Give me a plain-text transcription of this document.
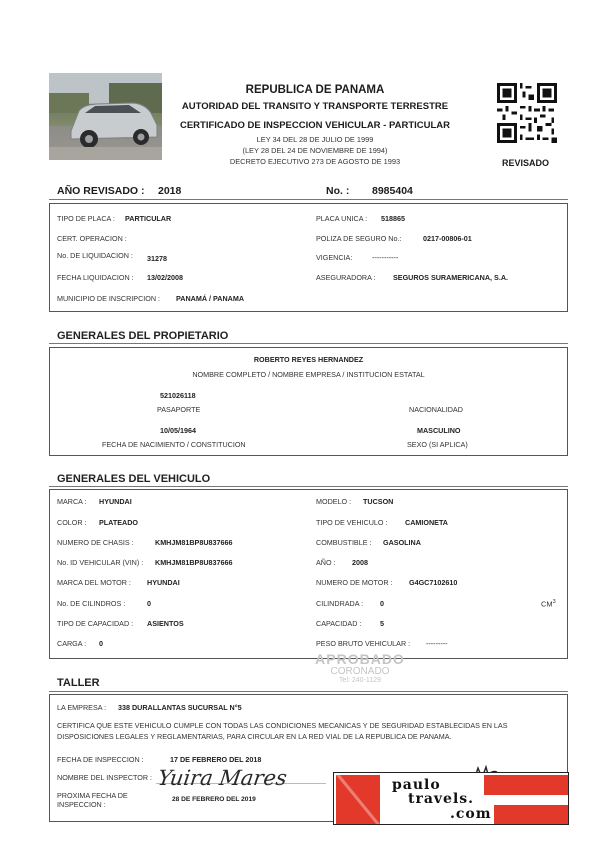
REPUBLICA DE PANAMA
AUTORIDAD DEL TRANSITO Y TRANSPORTE TERRESTRE
CERTIFICADO DE INSPECCION VEHICULAR - PARTICULAR
LEY 34 DEL 28 DE JULIO DE 1999
(LEY 28 DEL 24 DE NOVIEMBRE DE 1994)
DECRETO EJECUTIVO 273 DE AGOSTO DE 1993	REVISADO
AÑO REVISADO : 2018	No. : 8985404
TIPO DE PLACA : PARTICULAR	PLACA UNICA : 518865
CERT. OPERACION :	POLIZA DE SEGURO No.:	0217-00806-01
No. DE LIQUIDACION : 31278	VIGENCIA:	-----------
FECHA LIQUIDACION : 13/02/2008	ASEGURADORA : SEGUROS SURAMERICANA, S.A.
MUNICIPIO DE INSCRIPCION : PANAMÁ / PANAMA
GENERALES DEL PROPIETARIO
ROBERTO REYES HERNANDEZ
NOMBRE COMPLETO / NOMBRE EMPRESA / INSTITUCION ESTATAL
521026118
PASAPORTE	NACIONALIDAD
10/05/1964
FECHA DE NACIMIENTO / CONSTITUCION
MASCULINO
SEXO (SI APLICA)
GENERALES DEL VEHICULO
MARCA : HYUNDAI	MODELO : TUCSON
COLOR : PLATEADO	TIPO DE VEHICULO : CAMIONETA
NUMERO DE CHASIS :	KMHJM81BP8U837666	COMBUSTIBLE : GASOLINA
No. ID VEHICULAR (VIN) : KMHJM81BP8U837666	AÑO : 2008
MARCA DEL MOTOR : HYUNDAI	NUMERO DE MOTOR : G4GC7102610
No. DE CILINDROS :	0	CILINDRADA : 0	$CM^3$
TIPO DE CAPACIDAD : ASIENTOS	CAPACIDAD :	5
CARGA : 0	PESO BRUTO VEHICULAR : ---------
APROBADO
CORONADO
Tel: 240-1129
TALLER
LA EMPRESA : 338 DURALLANTAS SUCURSAL N°5
CERTIFICA QUE ESTE VEHICULO CUMPLE CON TODAS LAS CONDICIONES MECANICAS Y DE SEGURIDAD ESTABLECIDAS EN LAS
DISPOSICIONES LEGALES Y REGLAMENTARIAS, PARA CIRCULAR EN LA RED VIAL DE LA REPUBLICA DE PANAMA.
FECHA DE INSPECCION :	17 DE FEBRERO DEL 2018
NOMBRE DEL INSPECTOR : Yuira Mares
PROXIMA FECHA DE
INSPECCION :
28 DE FEBRERO DEL 2019
paulo
travels.
.com
